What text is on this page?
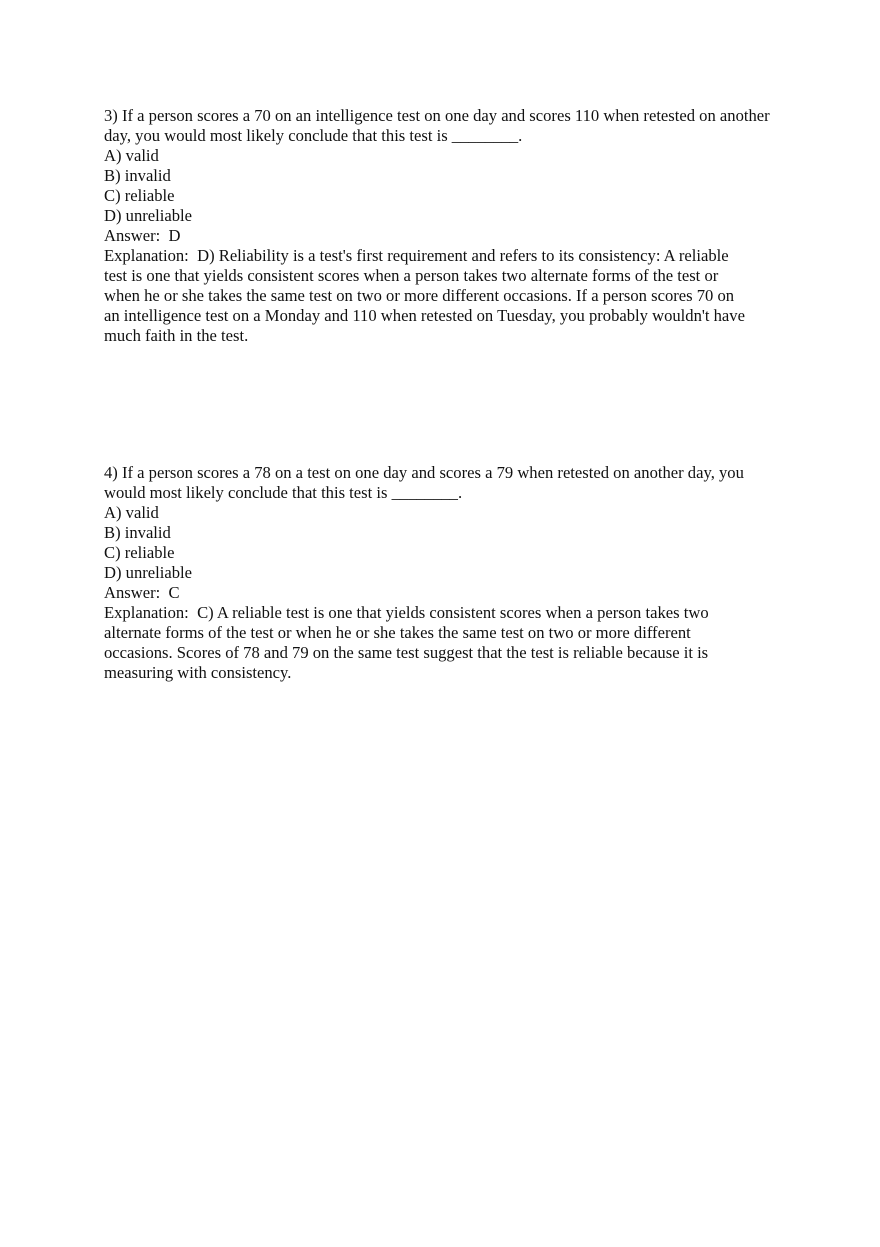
3) If a person scores a 70 on an intelligence test on one day and scores 110 when retested on another day, you would most likely conclude that this test is ________.
A) valid
B) invalid
C) reliable
D) unreliable
Answer:  D
Explanation:  D) Reliability is a test's first requirement and refers to its consistency: A reliable
test is one that yields consistent scores when a person takes two alternate forms of the test or
when he or she takes the same test on two or more different occasions. If a person scores 70 on
an intelligence test on a Monday and 110 when retested on Tuesday, you probably wouldn't have
much faith in the test.
4) If a person scores a 78 on a test on one day and scores a 79 when retested on another day, you would most likely conclude that this test is ________.
A) valid
B) invalid
C) reliable
D) unreliable
Answer:  C
Explanation:  C) A reliable test is one that yields consistent scores when a person takes two
alternate forms of the test or when he or she takes the same test on two or more different
occasions. Scores of 78 and 79 on the same test suggest that the test is reliable because it is
measuring with consistency.
